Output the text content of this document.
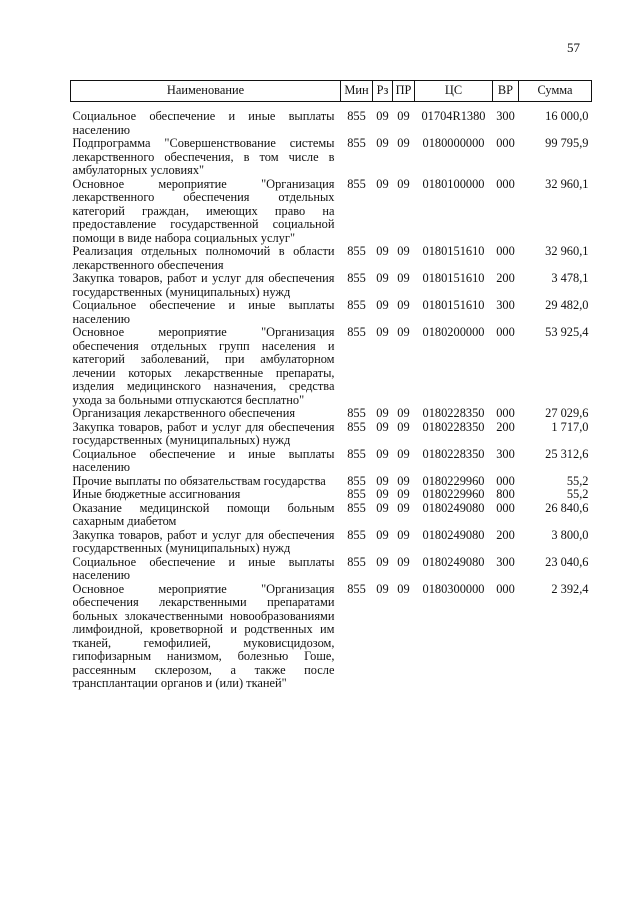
57
Наименование	Мин	Рз	ПР	ЦС	ВР	Сумма
Социальное обеспечение и иные выплаты населению	855	09	09	01704R1380	300	16 000,0
Подпрограмма "Совершенствование системы лекарственного обеспечения, в том числе в амбулаторных условиях"	855	09	09	0180000000	000	99 795,9
Основное мероприятие "Организация лекарственного обеспечения отдельных категорий граждан, имеющих право на предоставление государственной социальной помощи в виде набора социальных услуг"	855	09	09	0180100000	000	32 960,1
Реализация отдельных полномочий в области лекарственного обеспечения	855	09	09	0180151610	000	32 960,1
Закупка товаров, работ и услуг для обеспечения государственных (муниципальных) нужд	855	09	09	0180151610	200	3 478,1
Социальное обеспечение и иные выплаты населению	855	09	09	0180151610	300	29 482,0
Основное мероприятие "Организация обеспечения отдельных групп населения и категорий заболеваний, при амбулаторном лечении которых лекарственные препараты, изделия медицинского назначения, средства ухода за больными отпускаются бесплатно"	855	09	09	0180200000	000	53 925,4
Организация лекарственного обеспечения	855	09	09	0180228350	000	27 029,6
Закупка товаров, работ и услуг для обеспечения государственных (муниципальных) нужд	855	09	09	0180228350	200	1 717,0
Социальное обеспечение и иные выплаты населению	855	09	09	0180228350	300	25 312,6
Прочие выплаты по обязательствам государства	855	09	09	0180229960	000	55,2
Иные бюджетные ассигнования	855	09	09	0180229960	800	55,2
Оказание медицинской помощи больным сахарным диабетом	855	09	09	0180249080	000	26 840,6
Закупка товаров, работ и услуг для обеспечения государственных (муниципальных) нужд	855	09	09	0180249080	200	3 800,0
Социальное обеспечение и иные выплаты населению	855	09	09	0180249080	300	23 040,6
Основное мероприятие "Организация обеспечения лекарственными препаратами больных злокачественными новообразованиями лимфоидной, кроветворной и родственных им тканей, гемофилией, муковисцидозом, гипофизарным нанизмом, болезнью Гоше, рассеянным склерозом, а также после трансплантации органов и (или) тканей"	855	09	09	0180300000	000	2 392,4
